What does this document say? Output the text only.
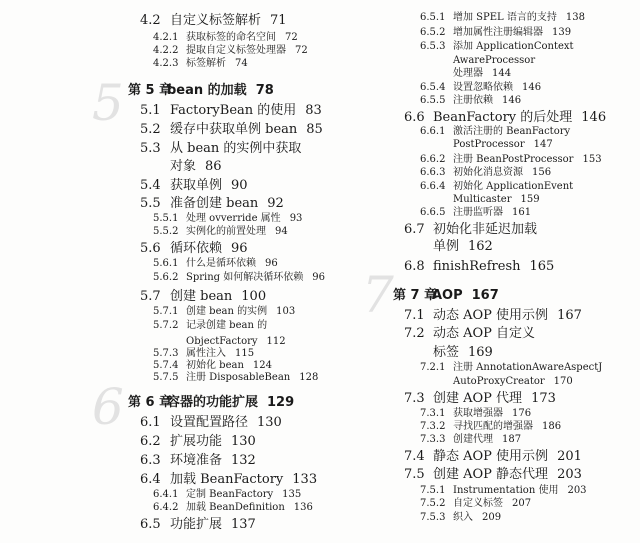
5
6
7
4.2 自定义标签解析 71
4.2.1 获取标签的命名空间 72
4.2.2 提取自定义标签处理器 72
4.2.3 标签解析 74
第 5 章
bean 的加载 78
5.1 FactoryBean 的使用 83
5.2 缓存中获取单例 bean 85
5.3 从 bean 的实例中获取
对象 86
5.4 获取单例 90
5.5 准备创建 bean 92
5.5.1 处理 ovverride 属性 93
5.5.2 实例化的前置处理 94
5.6 循环依赖 96
5.6.1 什么是循环依赖 96
5.6.2 Spring 如何解决循环依赖 96
5.7 创建 bean 100
5.7.1 创建 bean 的实例 103
5.7.2 记录创建 bean 的
ObjectFactory 112
5.7.3 属性注入 115
5.7.4 初始化 bean 124
5.7.5 注册 DisposableBean 128
第 6 章
容器的功能扩展 129
6.1 设置配置路径 130
6.2 扩展功能 130
6.3 环境准备 132
6.4 加载 BeanFactory 133
6.4.1 定制 BeanFactory 135
6.4.2 加载 BeanDefinition 136
6.5 功能扩展 137
6.5.1 增加 SPEL 语言的支持 138
6.5.2 增加属性注册编辑器 139
6.5.3 添加 ApplicationContext
AwareProcessor
处理器 144
6.5.4 设置忽略依赖 146
6.5.5 注册依赖 146
6.6 BeanFactory 的后处理 146
6.6.1 激活注册的 BeanFactory
PostProcessor 147
6.6.2 注册 BeanPostProcessor 153
6.6.3 初始化消息资源 156
6.6.4 初始化 ApplicationEvent
Multicaster 159
6.6.5 注册监听器 161
6.7 初始化非延迟加载
单例 162
6.8 finishRefresh 165
第 7 章
AOP 167
7.1 动态 AOP 使用示例 167
7.2 动态 AOP 自定义
标签 169
7.2.1 注册 AnnotationAwareAspectJ
AutoProxyCreator 170
7.3 创建 AOP 代理 173
7.3.1 获取增强器 176
7.3.2 寻找匹配的增强器 186
7.3.3 创建代理 187
7.4 静态 AOP 使用示例 201
7.5 创建 AOP 静态代理 203
7.5.1 Instrumentation 使用 203
7.5.2 自定义标签 207
7.5.3 织入 209
